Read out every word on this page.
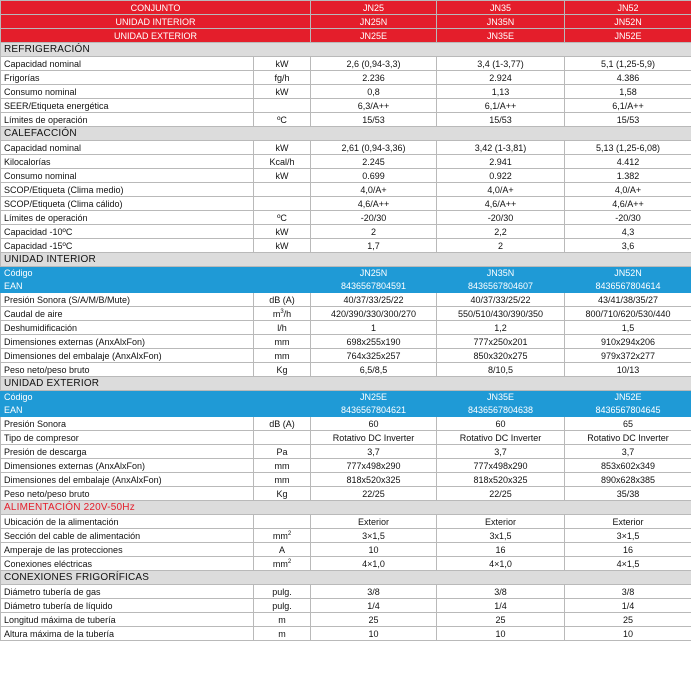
CONJUNTO		JN25	JN35	JN52
UNIDAD INTERIOR		JN25N	JN35N	JN52N
UNIDAD EXTERIOR		JN25E	JN35E	JN52E
REFRIGERACIÓN				
Capacidad nominal	kW	2,6 (0,94-3,3)	3,4 (1-3,77)	5,1 (1,25-5,9)
Frigorías	fg/h	2.236	2.924	4.386
Consumo nominal	kW	0,8	1,13	1,58
SEER/Etiqueta energética		6,3/A++	6,1/A++	6,1/A++
Límites de operación	ºC	15/53	15/53	15/53
CALEFACCIÓN				
Capacidad nominal	kW	2,61 (0,94-3,36)	3,42 (1-3,81)	5,13 (1,25-6,08)
Kilocalorías	Kcal/h	2.245	2.941	4.412
Consumo nominal	kW	0.699	0.922	1.382
SCOP/Etiqueta (Clima medio)		4,0/A+	4,0/A+	4,0/A+
SCOP/Etiqueta (Clima cálido)		4,6/A++	4,6/A++	4,6/A++
Límites de operación	ºC	-20/30	-20/30	-20/30
Capacidad -10ºC	kW	2	2,2	4,3
Capacidad -15ºC	kW	1,7	2	3,6
UNIDAD INTERIOR				
Código		JN25N	JN35N	JN52N
EAN		8436567804591	8436567804607	8436567804614
Presión Sonora (S/A/M/B/Mute)	dB (A)	40/37/33/25/22	40/37/33/25/22	43/41/38/35/27
Caudal de aire	$m^3/h$	420/390/330/300/270	550/510/430/390/350	800/710/620/530/440
Deshumidificación	l/h	1	1,2	1,5
Dimensiones externas (AnxAlxFon)	mm	698x255x190	777x250x201	910x294x206
Dimensiones del embalaje (AnxAlxFon)	mm	764x325x257	850x320x275	979x372x277
Peso neto/peso bruto	Kg	6,5/8,5	8/10,5	10/13
UNIDAD EXTERIOR				
Código		JN25E	JN35E	JN52E
EAN		8436567804621	8436567804638	8436567804645
Presión Sonora	dB (A)	60	60	65
Tipo de compresor		Rotativo DC Inverter	Rotativo DC Inverter	Rotativo DC Inverter
Presión de descarga	Pa	3,7	3,7	3,7
Dimensiones externas (AnxAlxFon)	mm	777x498x290	777x498x290	853x602x349
Dimensiones del embalaje (AnxAlxFon)	mm	818x520x325	818x520x325	890x628x385
Peso neto/peso bruto	Kg	22/25	22/25	35/38
ALIMENTACIÓN 220V-50Hz				
Ubicación de la alimentación		Exterior	Exterior	Exterior
Sección del cable de alimentación	$mm^2$	3×1,5	3x1,5	3×1,5
Amperaje de las protecciones	A	10	16	16
Conexiones eléctricas	$mm^2$	4×1,0	4×1,0	4×1,5
CONEXIONES FRIGORÍFICAS				
Diámetro tubería de gas	pulg.	3/8	3/8	3/8
Diámetro tubería de líquido	pulg.	1/4	1/4	1/4
Longitud máxima de tubería	m	25	25	25
Altura máxima de la tubería	m	10	10	10
